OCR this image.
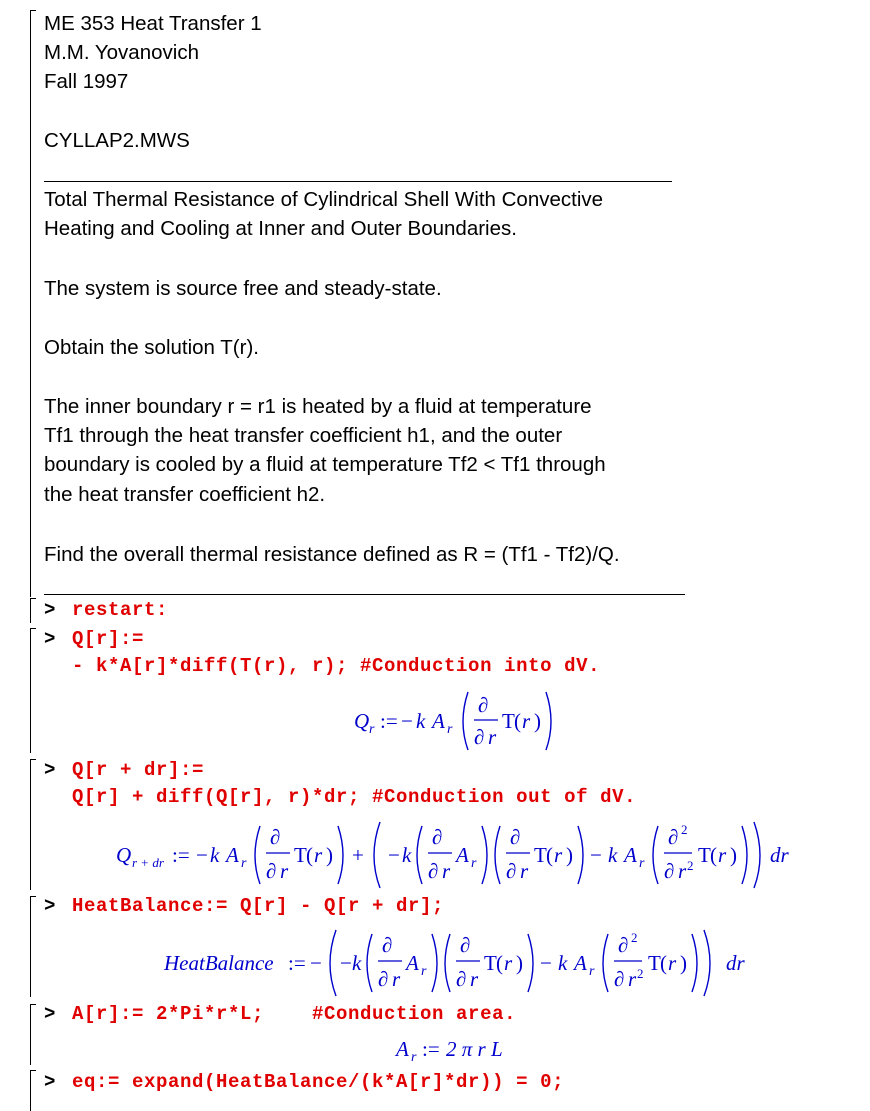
ME 353 Heat Transfer 1
M.M. Yovanovich
Fall 1997
CYLLAP2.MWS
Total Thermal Resistance of Cylindrical Shell With Convective
Heating and Cooling at Inner and Outer Boundaries.
The system is source free and steady-state.
Obtain the solution T(r).
The inner boundary r = r1 is heated by a fluid at temperature
Tf1 through the heat transfer coefficient h1, and the outer
boundary is cooled by a fluid at temperature Tf2 < Tf1 through
the heat transfer coefficient h2.
Find the overall thermal resistance defined as R = (Tf1 - Tf2)/Q.
> restart:
> Q[r]:=
- k*A[r]*diff(T(r), r); #Conduction into dV.
Q r := − k A r
∂
∂ r
T ( r )
> Q[r + dr]:=
Q[r] + diff(Q[r], r)*dr; #Conduction out of dV.
Q r + dr := − k A r
∂
∂ r
T ( r ) + − k
∂
∂ r
A r
∂
∂ r
T ( r ) − k A r
∂ 2
∂ r 2 T ( r ) dr
> HeatBalance:= Q[r] - Q[r + dr];
HeatBalance := − − k
∂
∂ r
A r
∂
∂ r
T ( r ) − k A r
∂ 2
∂ r 2 T ( r ) dr
> A[r]:= 2*Pi*r*L;    #Conduction area.
A r := 2 π r L
> eq:= expand(HeatBalance/(k*A[r]*dr)) = 0;
